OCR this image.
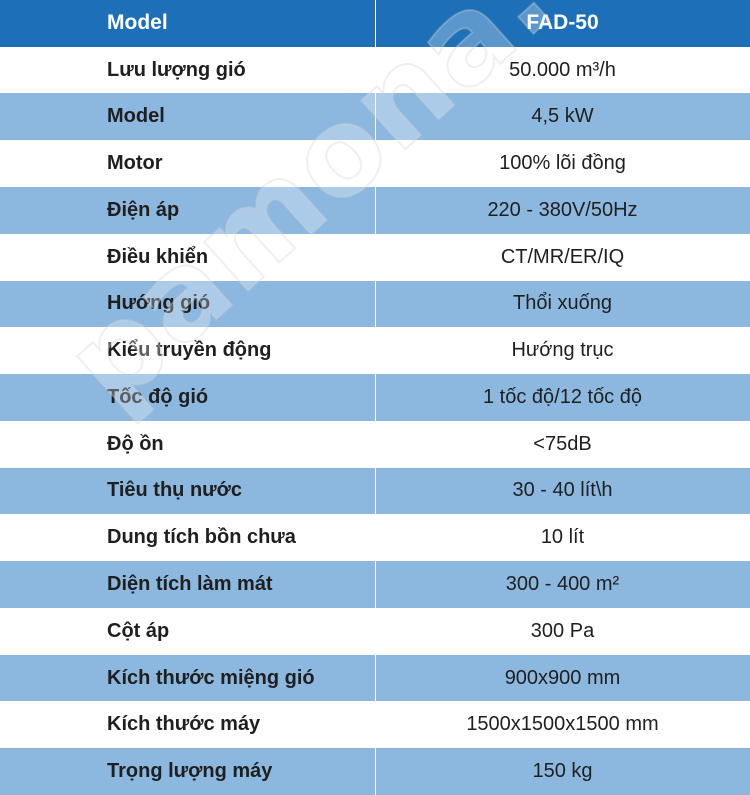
Model	FAD-50
Lưu lượng gió	50.000 m³/h
Model	4,5 kW
Motor	100% lõi đồng
Điện áp	220 - 380V/50Hz
Điều khiển	CT/MR/ER/IQ
Hướng gió	Thổi xuống
Kiểu truyền động	Hướng trục
Tốc độ gió	1 tốc độ/12 tốc độ
Độ ồn	<75dB
Tiêu thụ nước	30 - 40 lít\h
Dung tích bồn chưa	10 lít
Diện tích làm mát	300 - 400 m²
Cột áp	300 Pa
Kích thước miệng gió	900x900 mm
Kích thước máy	1500x1500x1500 mm
Trọng lượng máy	150 kg
